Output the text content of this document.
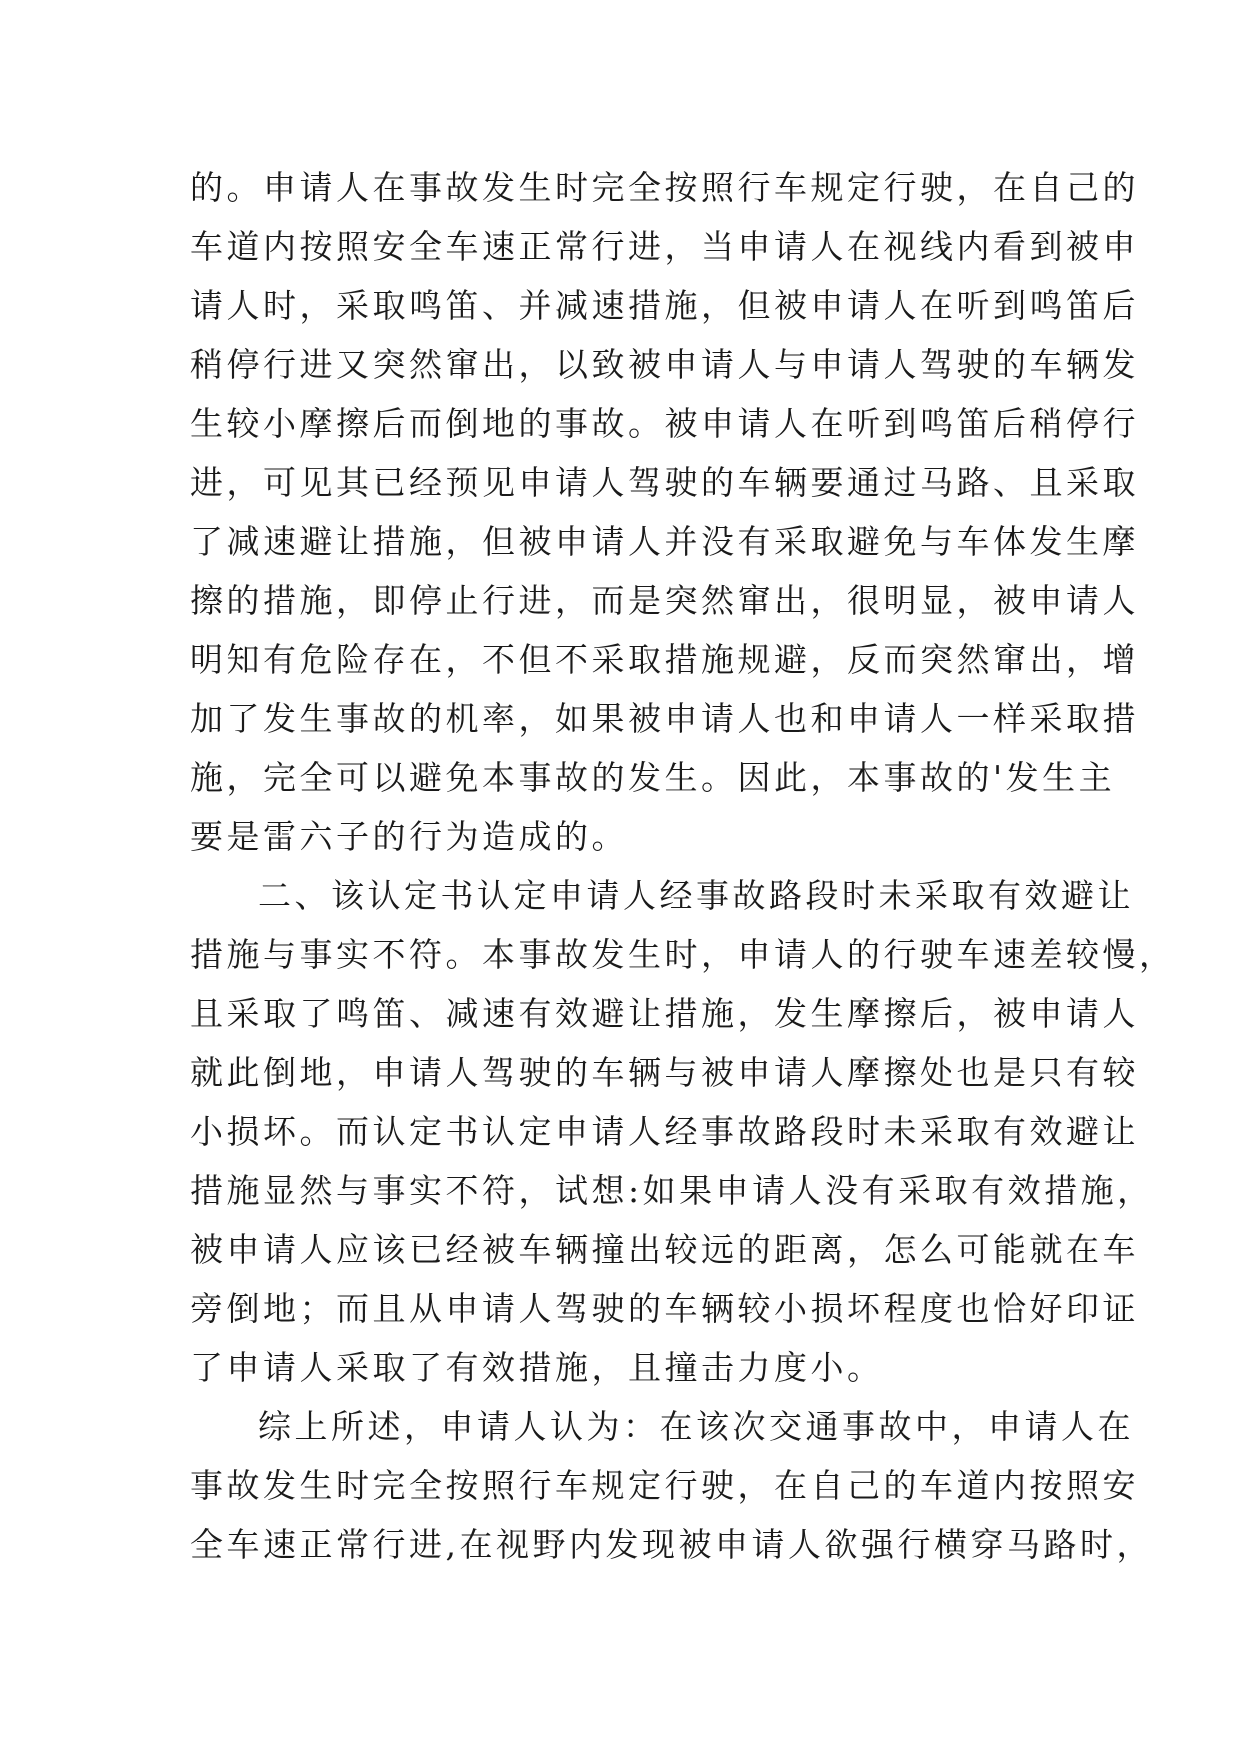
的。申请人在事故发生时完全按照行车规定行驶，在自己的
车道内按照安全车速正常行进，当申请人在视线内看到被申
请人时，采取鸣笛、并减速措施，但被申请人在听到鸣笛后
稍停行进又突然窜出，以致被申请人与申请人驾驶的车辆发
生较小摩擦后而倒地的事故。被申请人在听到鸣笛后稍停行
进，可见其已经预见申请人驾驶的车辆要通过马路、且采取
了减速避让措施，但被申请人并没有采取避免与车体发生摩
擦的措施，即停止行进，而是突然窜出，很明显，被申请人
明知有危险存在，不但不采取措施规避，反而突然窜出，增
加了发生事故的机率，如果被申请人也和申请人一样采取措
施，完全可以避免本事故的发生。因此，本事故的'发生主
要是雷六子的行为造成的。
二、该认定书认定申请人经事故路段时未采取有效避让
措施与事实不符。本事故发生时，申请人的行驶车速差较慢，
且采取了鸣笛、减速有效避让措施，发生摩擦后，被申请人
就此倒地，申请人驾驶的车辆与被申请人摩擦处也是只有较
小损坏。而认定书认定申请人经事故路段时未采取有效避让
措施显然与事实不符，试想:如果申请人没有采取有效措施，
被申请人应该已经被车辆撞出较远的距离，怎么可能就在车
旁倒地；而且从申请人驾驶的车辆较小损坏程度也恰好印证
了申请人采取了有效措施，且撞击力度小。
综上所述，申请人认为：在该次交通事故中，申请人在
事故发生时完全按照行车规定行驶，在自己的车道内按照安
全车速正常行进,在视野内发现被申请人欲强行横穿马路时，
